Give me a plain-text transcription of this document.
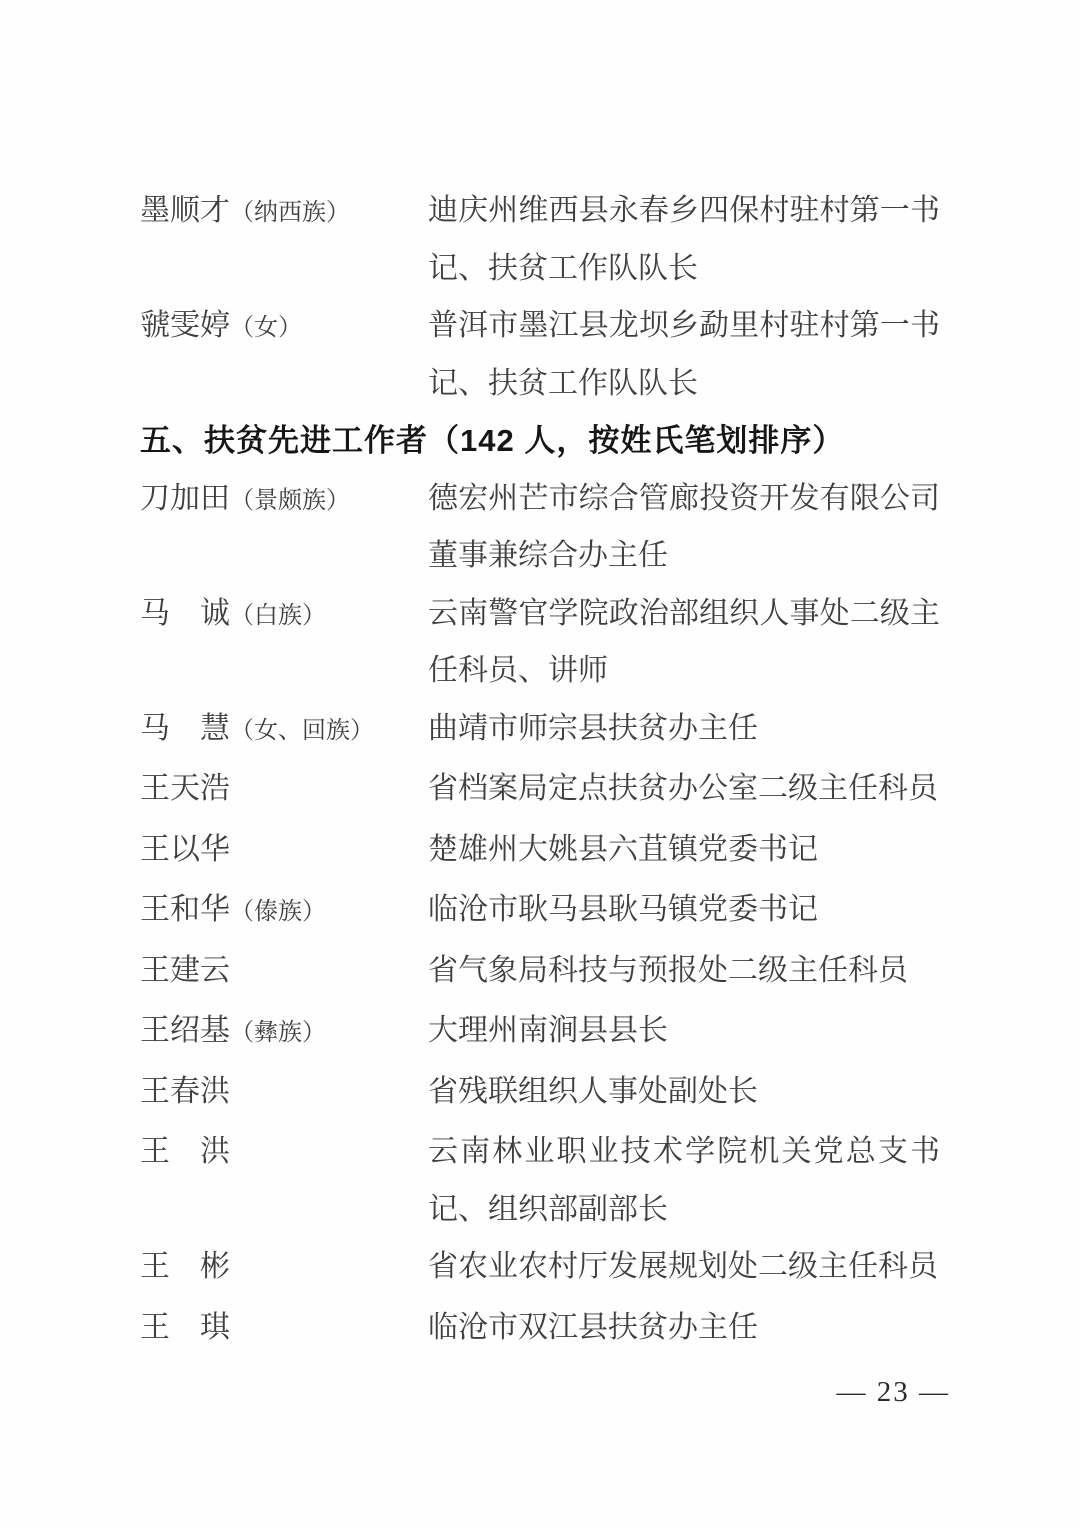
墨顺才（纳西族）	迪庆州维西县永春乡四保村驻村第一书
记、扶贫工作队队长
虢雯婷（女）	普洱市墨江县龙坝乡勐里村驻村第一书
记、扶贫工作队队长
五、扶贫先进工作者（142 人，按姓氏笔划排序）
刀加田（景颇族）	德宏州芒市综合管廊投资开发有限公司
董事兼综合办主任
马　诚（白族）	云南警官学院政治部组织人事处二级主
任科员、讲师
马　慧（女、回族）	曲靖市师宗县扶贫办主任
王天浩	省档案局定点扶贫办公室二级主任科员
王以华	楚雄州大姚县六苴镇党委书记
王和华（傣族）	临沧市耿马县耿马镇党委书记
王建云	省气象局科技与预报处二级主任科员
王绍基（彝族）	大理州南涧县县长
王春洪	省残联组织人事处副处长
王　洪	云南林业职业技术学院机关党总支书
记、组织部副部长
王　彬	省农业农村厅发展规划处二级主任科员
王　琪	临沧市双江县扶贫办主任
— 23 —
